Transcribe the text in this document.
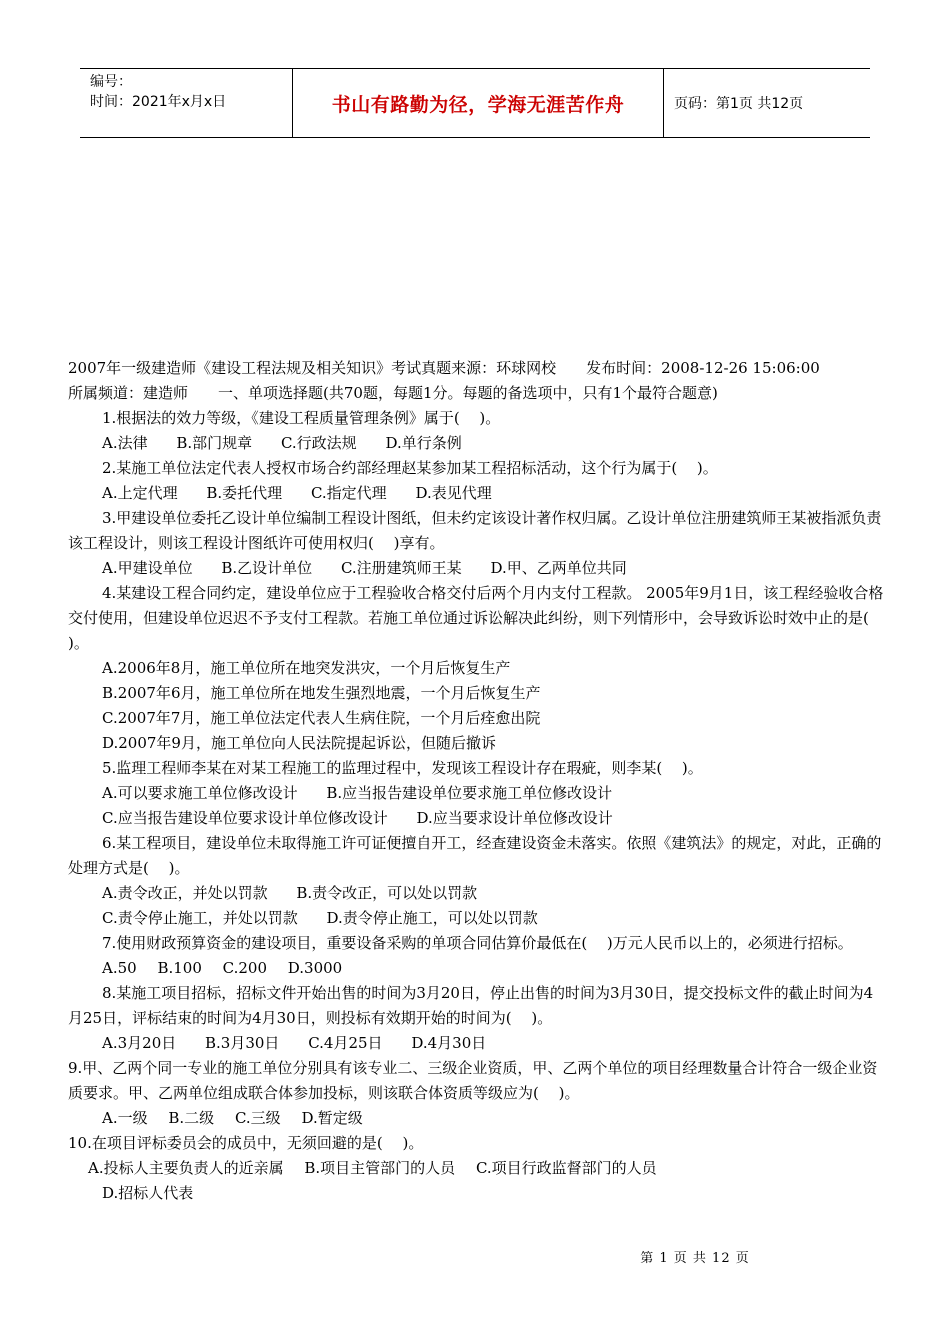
编号：
时间：2021年x月x日	书山有路勤为径，学海无涯苦作舟	页码：第1页 共12页

2007年一级建造师《建设工程法规及相关知识》考试真题来源：环球网校　　发布时间：2008-12-26 15:06:00

所属频道：建造师　　一、单项选择题(共70题，每题1分。每题的备选项中，只有1个最符合题意)

1.根据法的效力等级，《建设工程质量管理条例》属于(　 )。

A.法律 B.部门规章 C.行政法规 D.单行条例

2.某施工单位法定代表人授权市场合约部经理赵某参加某工程招标活动，这个行为属于(　 )。

A.上定代理 B.委托代理 C.指定代理 D.表见代理

3.甲建设单位委托乙设计单位编制工程设计图纸，但未约定该设计著作权归属。乙设计单位注册建筑师王某被指派负责该工程设计，则该工程设计图纸许可使用权归(　 )享有。

A.甲建设单位 B.乙设计单位 C.注册建筑师王某 D.甲、乙两单位共同

4.某建设工程合同约定，建设单位应于工程验收合格交付后两个月内支付工程款。 2005年9月1日，该工程经验收合格交付使用，但建设单位迟迟不予支付工程款。若施工单位通过诉讼解决此纠纷，则下列情形中，会导致诉讼时效中止的是(　 )。

A.2006年8月，施工单位所在地突发洪灾，一个月后恢复生产

B.2007年6月，施工单位所在地发生强烈地震，一个月后恢复生产

C.2007年7月，施工单位法定代表人生病住院，一个月后痊愈出院

D.2007年9月，施工单位向人民法院提起诉讼，但随后撤诉

5.监理工程师李某在对某工程施工的监理过程中，发现该工程设计存在瑕疵，则李某(　 )。

A.可以要求施工单位修改设计 B.应当报告建设单位要求施工单位修改设计

C.应当报告建设单位要求设计单位修改设计 D.应当要求设计单位修改设计

6.某工程项目，建设单位未取得施工许可证便擅自开工，经查建设资金未落实。依照《建筑法》的规定，对此，正确的处理方式是(　 )。

A.责令改正，并处以罚款 B.责令改正，可以处以罚款

C.责令停止施工，并处以罚款 D.责令停止施工，可以处以罚款

7.使用财政预算资金的建设项目，重要设备采购的单项合同估算价最低在(　 )万元人民币以上的，必须进行招标。

A.50 B.100 C.200 D.3000

8.某施工项目招标，招标文件开始出售的时间为3月20日，停止出售的时间为3月30日，提交投标文件的截止时间为4月25日，评标结束的时间为4月30日，则投标有效期开始的时间为(　 )。

A.3月20日 B.3月30日 C.4月25日 D.4月30日

9.甲、乙两个同一专业的施工单位分别具有该专业二、三级企业资质，甲、乙两个单位的项目经理数量合计符合一级企业资质要求。甲、乙两单位组成联合体参加投标，则该联合体资质等级应为(　 )。

A.一级 B.二级 C.三级 D.暂定级

10.在项目评标委员会的成员中，无须回避的是(　 )。

A.投标人主要负责人的近亲属 B.项目主管部门的人员 C.项目行政监督部门的人员

D.招标人代表

第 1 页 共 12 页
